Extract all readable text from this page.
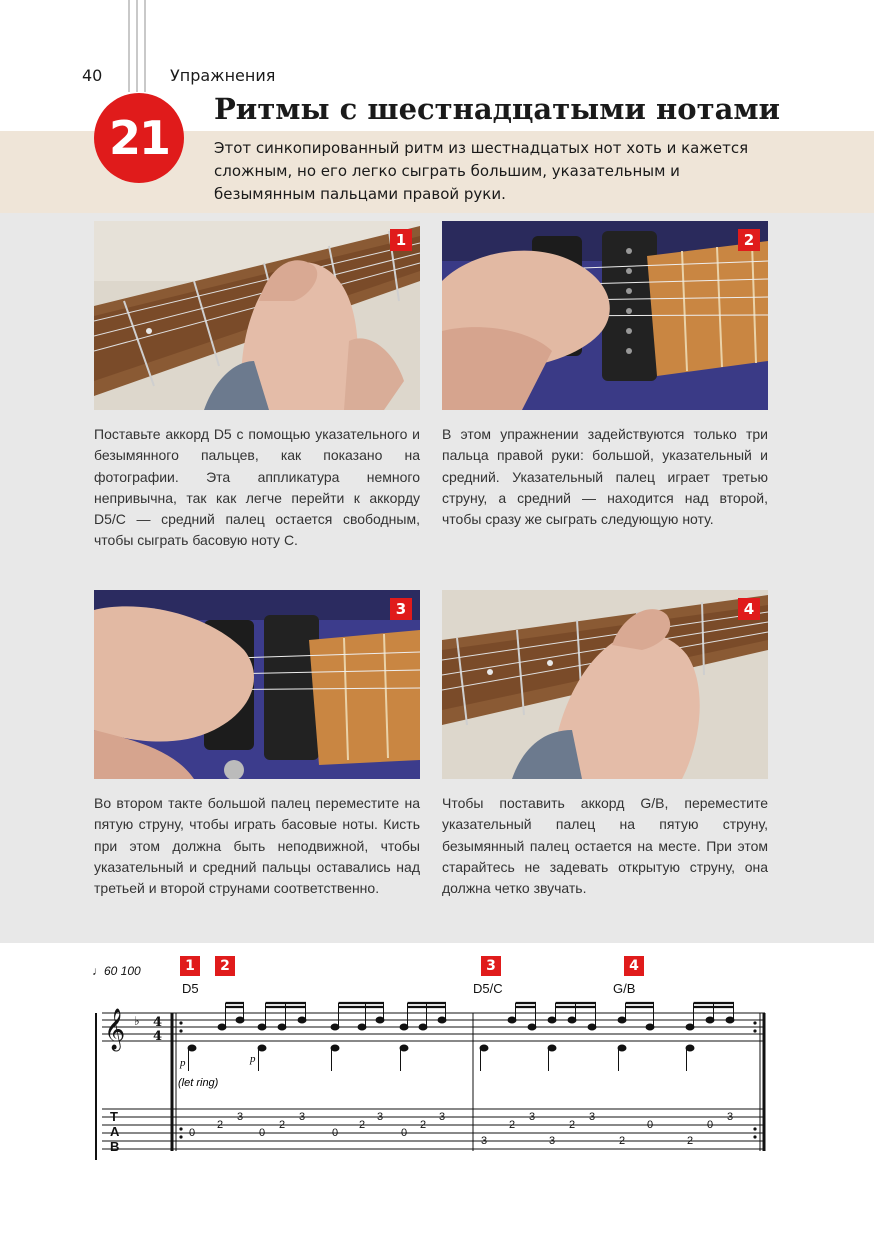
40	Упражнения
21
Ритмы с шестнадцатыми нотами
Этот синкопированный ритм из шестнадцатых нот хоть и кажется сложным, но его легко сыграть большим, указательным и безымянным пальцами правой руки.
1	2
Поставьте аккорд D5 с помощью указательного и безымянного пальцев, как показано на фотографии. Эта аппликатура немного непривычна, так как легче перейти к аккорду D5/C — средний палец остается свободным, чтобы сыграть басовую ноту C.
В этом упражнении задействуются только три пальца правой руки: большой, указательный и средний. Указательный палец играет третью струну, а средний — находится над второй, чтобы сразу же сыграть следующую ноту.
3	4
Во втором такте большой палец переместите на пятую струну, чтобы играть басовые ноты. Кисть при этом должна быть неподвижной, чтобы указательный и средний пальцы оставались над третьей и второй струнами соответственно.
Чтобы поставить аккорд G/B, переместите указательный палец на пятую струну, безымянный палец остается на месте. При этом старайтесь не задевать открытую струну, она должна четко звучать.
1	2	3	4
♩60 100
D5	D5/C	G/B
𝄞 ♭ 4
4
p	p
(let ring)
T
A
B
3	3	3	3
2	2	2	2
0	0	0	0
3	3	3
2	2	0	0
3	3	2	2
